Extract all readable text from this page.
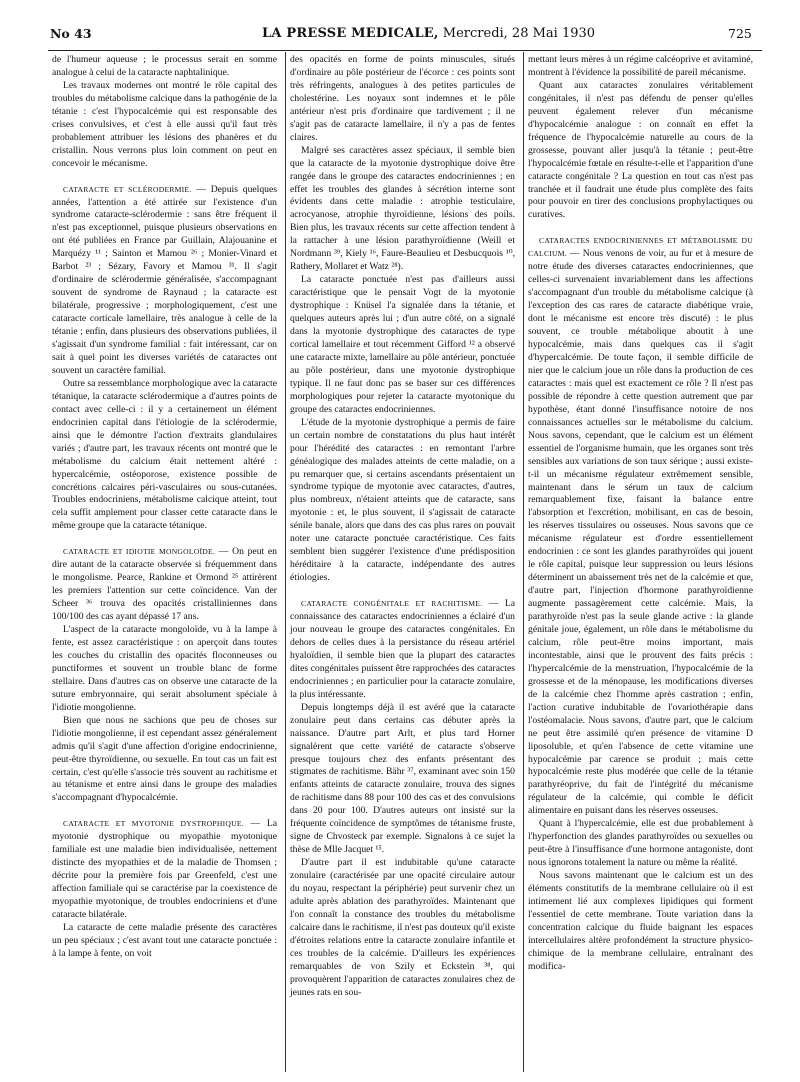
No 43	LA PRESSE MEDICALE, Mercredi, 28 Mai 1930	725

de l'humeur aqueuse ; le processus serait en somme analogue à celui de la cataracte naphtalinique.

Les travaux modernes ont montré le rôle capital des troubles du métabolisme calcique dans la pathogénie de la tétanie : c'est l'hypocalcémie qui est responsable des crises convulsives, et c'est à elle aussi qu'il faut très probablement attribuer les lésions des phanères et du cristallin. Nous verrons plus loin comment on peut en concevoir le mécanisme.

CATARACTE ET SCLÉRODERMIE. — Depuis quelques années, l'attention a été attirée sur l'existence d'un syndrome cataracte-sclérodermie : sans être fréquent il n'est pas exceptionnel, puisque plusieurs observations en ont été publiées en France par Guillain, Alajouanine et Marquézy ¹¹ ; Sainton et Mamou ²⁶ ; Monier-Vinard et Barbot ²³ ; Sézary, Favory et Mamou ³¹. Il s'agit d'ordinaire de sclérodermie généralisée, s'accompagnant souvent de syndrome de Raynaud ; la cataracte est bilatérale, progressive ; morphologiquement, c'est une cataracte corticale lamellaire, très analogue à celle de la tétanie ; enfin, dans plusieurs des observations publiées, il s'agissait d'un syndrome familial : fait intéressant, car on sait à quel point les diverses variétés de cataractes ont souvent un caractère familial.

Outre sa ressemblance morphologique avec la cataracte tétanique, la cataracte sclérodermique a d'autres points de contact avec celle-ci : il y a certainement un élément endocrinien capital dans l'étiologie de la sclérodermie, ainsi que le démontre l'action d'extraits glandulaires variés ; d'autre part, les travaux récents ont montré que le métabolisme du calcium était nettement altéré : hypercalcémie, ostéoporose, existence possible de concrétions calcaires péri-vasculaires ou sous-cutanées. Troubles endocriniens, métabolisme calcique atteint, tout cela suffit amplement pour classer cette cataracte dans le même groupe que la cataracte tétanique.

CATARACTE ET IDIOTIE MONGOLOÏDE. — On peut en dire autant de la cataracte observée si fréquemment dans le mongolisme. Pearce, Rankine et Ormond ²⁵ attirèrent les premiers l'attention sur cette coïncidence. Van der Scheer ³⁶ trouva des opacités cristalliniennes dans 100/100 des cas ayant dépassé 17 ans.

L'aspect de la cataracte mongoloïde, vu à la lampe à fente, est assez caractéristique : on aperçoit dans toutes les couches du cristallin des opacités floconneuses ou punctiformes et souvent un trouble blanc de forme stellaire. Dans d'autres cas on observe une cataracte de la suture embryonnaire, qui serait absolument spéciale à l'idiotie mongolienne.

Bien que nous ne sachions que peu de choses sur l'idiotie mongolienne, il est cependant assez généralement admis qu'il s'agit d'une affection d'origine endocrinienne, peut-être thyroïdienne, ou sexuelle. En tout cas un fait est certain, c'est qu'elle s'associe très souvent au rachitisme et au tétanisme et entre ainsi dans le groupe des maladies s'accompagnant d'hypocalcémie.

CATARACTE ET MYOTONIE DYSTROPHIQUE. — La myotonie dystrophique ou myopathie myotonique familiale est une maladie bien individualisée, nettement distincte des myopathies et de la maladie de Thomsen ; décrite pour la première fois par Greenfeld, c'est une affection familiale qui se caractérise par la coexistence de myopathie myotonique, de troubles endocriniens et d'une cataracte bilatérale.

La cataracte de cette maladie présente des caractères un peu spéciaux ; c'est avant tout une cataracte ponctuée : à la lampe à fente, on voit

des opacités en forme de points minuscules, situés d'ordinaire au pôle postérieur de l'écorce : ces points sont très réfringents, analogues à des petites particules de cholestérine. Les noyaux sont indemnes et le pôle antérieur n'est pris d'ordinaire que tardivement ; il ne s'agit pas de cataracte lamellaire, il n'y a pas de fentes claires.

Malgré ses caractères assez spéciaux, il semble bien que la cataracte de la myotonie dystrophique doive être rangée dans le groupe des cataractes endocriniennes ; en effet les troubles des glandes à sécrétion interne sont évidents dans cette maladie : atrophie testiculaire, acrocyanose, atrophie thyroïdienne, lésions des poils. Bien plus, les travaux récents sur cette affection tendent à la rattacher à une lésion parathyroïdienne (Weill et Nordmann ³⁹, Kiely ¹⁶, Faure-Beaulieu et Desbucquois ¹⁰, Rathery, Mollaret et Watz ²⁸).

La cataracte ponctuée n'est pas d'ailleurs aussi caractéristique que le pensait Vogt de la myotonie dystrophique : Knüsel l'a signalée dans la tétanie, et quelques auteurs après lui ; d'un autre côté, on a signalé dans la myotonie dystrophique des cataractes de type cortical lamellaire et tout récemment Gifford ¹² a observé une cataracte mixte, lamellaire au pôle antérieur, ponctuée au pôle postérieur, dans une myotonie dystrophique typique. Il ne faut donc pas se baser sur ces différences morphologiques pour rejeter la cataracte myotonique du groupe des cataractes endocriniennes.

L'étude de la myotonie dystrophique a permis de faire un certain nombre de constatations du plus haut intérêt pour l'hérédité des cataractes : en remontant l'arbre généalogique des malades atteints de cette maladie, on a pu remarquer que, si certains ascendants présentaient un syndrome typique de myotonie avec cataractes, d'autres, plus nombreux, n'étaient atteints que de cataracte, sans myotonie : et, le plus souvent, il s'agissait de cataracte sénile banale, alors que dans des cas plus rares on pouvait noter une cataracte ponctuée caractéristique. Ces faits semblent bien suggérer l'existence d'une prédisposition héréditaire à la cataracte, indépendante des autres étiologies.

CATARACTE CONGÉNITALE ET RACHITISME. — La connaissance des cataractes endocriniennes a éclairé d'un jour nouveau le groupe des cataractes congénitales. En dehors de celles dues à la persistance du réseau artériel hyaloïdien, il semble bien que la plupart des cataractes dites congénitales puissent être rapprochées des cataractes endocriniennes ; en particulier pour la cataracte zonulaire, la plus intéressante.

Depuis longtemps déjà il est avéré que la cataracte zonulaire peut dans certains cas débuter après la naissance. D'autre part Arlt, et plus tard Horner signalèrent que cette variété de cataracte s'observe presque toujours chez des enfants présentant des stigmates de rachitisme. Bähr ³⁷, examinant avec soin 150 enfants atteints de cataracte zonulaire, trouva des signes de rachitisme dans 88 pour 100 des cas et des convulsions dans 20 pour 100. D'autres auteurs ont insisté sur la fréquente coïncidence de symptômes de tétanisme fruste, signe de Chvosteck par exemple. Signalons à ce sujet la thèse de Mlle Jacquet ¹⁵.

D'autre part il est indubitable qu'une cataracte zonulaire (caractérisée par une opacité circulaire autour du noyau, respectant la périphérie) peut survenir chez un adulte après ablation des parathyroïdes. Maintenant que l'on connaît la constance des troubles du métabolisme calcaire dans le rachitisme, il n'est pas douteux qu'il existe d'étroites relations entre la cataracte zonulaire infantile et ces troubles de la calcémie. D'ailleurs les expériences remarquables de von Szily et Eckstein ³⁸, qui provoquèrent l'apparition de cataractes zonulaires chez de jeunes rats en sou-

mettant leurs mères à un régime calcéoprive et avitaminé, montrent à l'évidence la possibilité de pareil mécanisme.

Quant aux cataractes zonulaires véritablement congénitales, il n'est pas défendu de penser qu'elles peuvent également relever d'un mécanisme d'hypocalcémie analogue : on connaît en effet la fréquence de l'hypocalcémie naturelle au cours de la grossesse, pouvant aller jusqu'à la tétanie ; peut-être l'hypocalcémie fœtale en résulte-t-elle et l'apparition d'une cataracte congénitale ? La question en tout cas n'est pas tranchée et il faudrait une étude plus complète des faits pour pouvoir en tirer des conclusions prophylactiques ou curatives.

CATARACTES ENDOCRINIENNES ET MÉTABOLISME DU CALCIUM. — Nous venons de voir, au fur et à mesure de notre étude des diverses cataractes endocriniennes, que celles-ci survenaient invariablement dans les affections s'accompagnant d'un trouble du métabolisme calcique (à l'exception des cas rares de cataracte diabétique vraie, dont le mécanisme est encore très discuté) : le plus souvent, ce trouble métabolique aboutit à une hypocalcémie, mais dans quelques cas il s'agit d'hypercalcémie. De toute façon, il semble difficile de nier que le calcium joue un rôle dans la production de ces cataractes : mais quel est exactement ce rôle ? Il n'est pas possible de répondre à cette question autrement que par hypothèse, étant donné l'insuffisance notoire de nos connaissances actuelles sur le métabolisme du calcium. Nous savons, cependant, que le calcium est un élément essentiel de l'organisme humain, que les organes sont très sensibles aux variations de son taux sérique ; aussi existe-t-il un mécanisme régulateur extrêmement sensible, maintenant dans le sérum un taux de calcium remarquablement fixe, faisant la balance entre l'absorption et l'excrétion, mobilisant, en cas de besoin, les réserves tissulaires ou osseuses. Nous savons que ce mécanisme régulateur est d'ordre essentiellement endocrinien : ce sont les glandes parathyroïdes qui jouent le rôle capital, puisque leur suppression ou leurs lésions déterminent un abaissement très net de la calcémie et que, d'autre part, l'injection d'hormone parathyroïdienne augmente passagèrement cette calcémie. Mais, la parathyroïde n'est pas la seule glande active : la glande génitale joue, également, un rôle dans le métabolisme du calcium, rôle peut-être moins important, mais incontestable, ainsi que le prouvent des faits précis : l'hypercalcémie de la menstruation, l'hypocalcémie de la grossesse et de la ménopause, les modifications diverses de la calcémie chez l'homme après castration ; enfin, l'action curative indubitable de l'ovariothérapie dans l'ostéomalacie. Nous savons, d'autre part, que le calcium ne peut être assimilé qu'en présence de vitamine D liposoluble, et qu'en l'absence de cette vitamine une hypocalcémie par carence se produit ; mais cette hypocalcémie reste plus modérée que celle de la tétanie parathyréoprive, du fait de l'intégrité du mécanisme régulateur de la calcémie, qui comble le déficit alimentaire en puisant dans les réserves osseuses.

Quant à l'hypercalcémie, elle est due probablement à l'hyperfonction des glandes parathyroïdes ou sexuelles ou peut-être à l'insuffisance d'une hormone antagoniste, dont nous ignorons totalement la nature ou même la réalité.

Nous savons maintenant que le calcium est un des éléments constitutifs de la membrane cellulaire où il est intimement lié aux complexes lipidiques qui forment l'essentiel de cette membrane. Toute variation dans la concentration calcique du fluide baignant les espaces intercellulaires altère profondément la structure physico-chimique de la membrane cellulaire, entraînant des modifica-
